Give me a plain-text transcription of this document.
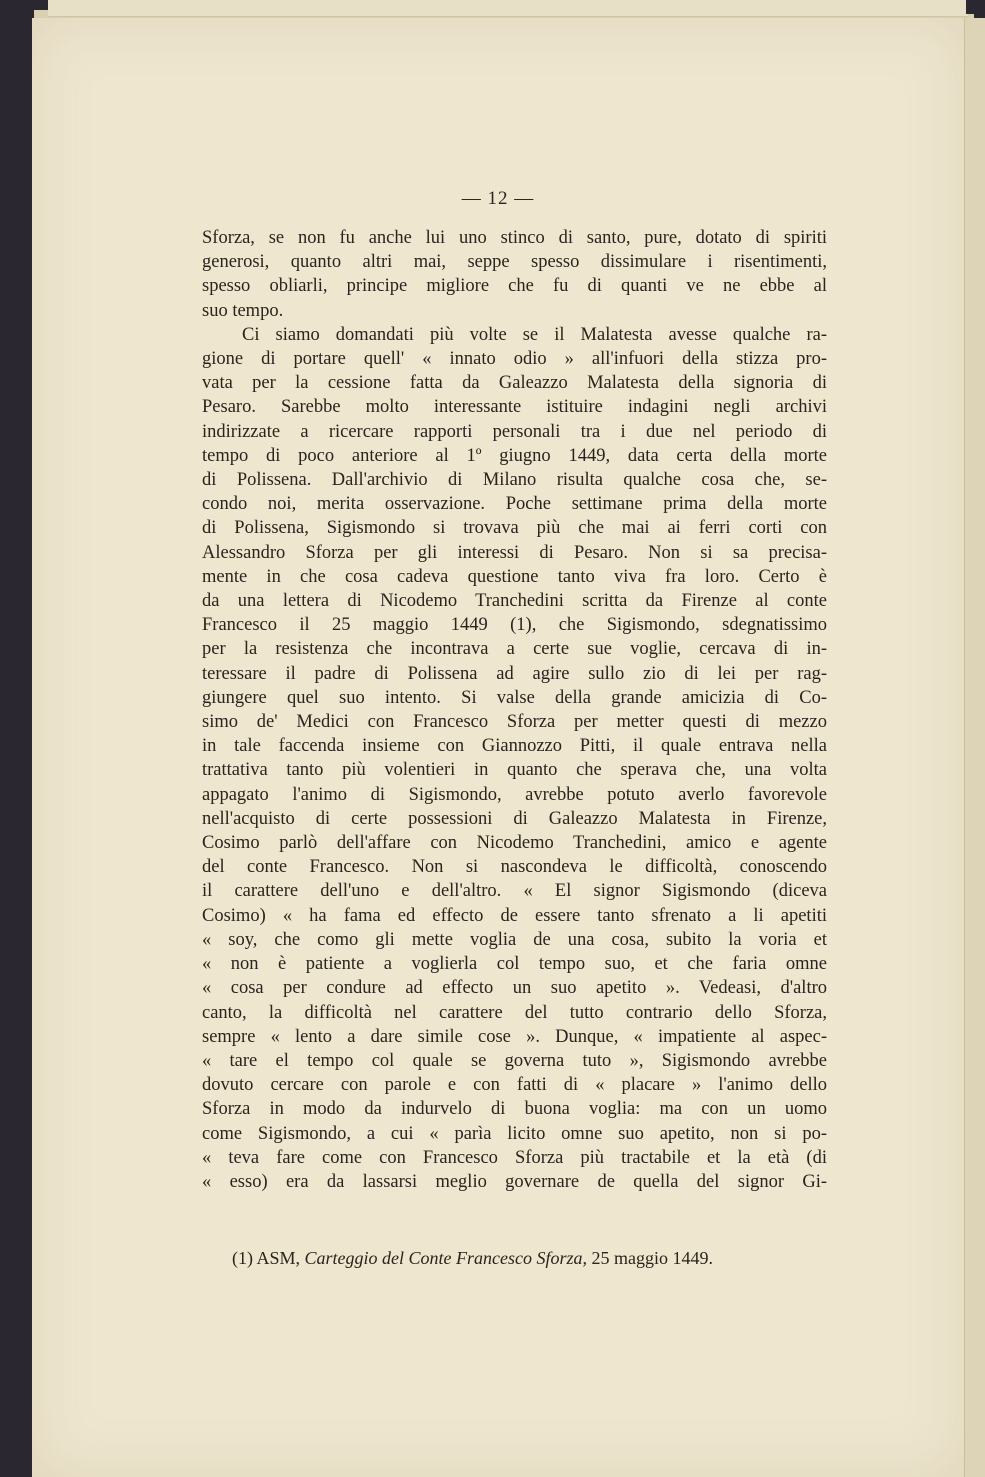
— 12 —
Sforza, se non fu anche lui uno stinco di santo, pure, dotato di spiriti
generosi, quanto altri mai, seppe spesso dissimulare i risentimenti,
spesso obliarli, principe migliore che fu di quanti ve ne ebbe al
suo tempo.
Ci siamo domandati più volte se il Malatesta avesse qualche ra-
gione di portare quell' « innato odio » all'infuori della stizza pro-
vata per la cessione fatta da Galeazzo Malatesta della signoria di
Pesaro. Sarebbe molto interessante istituire indagini negli archivi
indirizzate a ricercare rapporti personali tra i due nel periodo di
tempo di poco anteriore al 1º giugno 1449, data certa della morte
di Polissena. Dall'archivio di Milano risulta qualche cosa che, se-
condo noi, merita osservazione. Poche settimane prima della morte
di Polissena, Sigismondo si trovava più che mai ai ferri corti con
Alessandro Sforza per gli interessi di Pesaro. Non si sa precisa-
mente in che cosa cadeva questione tanto viva fra loro. Certo è
da una lettera di Nicodemo Tranchedini scritta da Firenze al conte
Francesco il 25 maggio 1449 (1), che Sigismondo, sdegnatissimo
per la resistenza che incontrava a certe sue voglie, cercava di in-
teressare il padre di Polissena ad agire sullo zio di lei per rag-
giungere quel suo intento. Si valse della grande amicizia di Co-
simo de' Medici con Francesco Sforza per metter questi di mezzo
in tale faccenda insieme con Giannozzo Pitti, il quale entrava nella
trattativa tanto più volentieri in quanto che sperava che, una volta
appagato l'animo di Sigismondo, avrebbe potuto averlo favorevole
nell'acquisto di certe possessioni di Galeazzo Malatesta in Firenze,
Cosimo parlò dell'affare con Nicodemo Tranchedini, amico e agente
del conte Francesco. Non si nascondeva le difficoltà, conoscendo
il carattere dell'uno e dell'altro. « El signor Sigismondo (diceva
Cosimo) « ha fama ed effecto de essere tanto sfrenato a li apetiti
« soy, che como gli mette voglia de una cosa, subito la voria et
« non è patiente a voglierla col tempo suo, et che faria omne
« cosa per condure ad effecto un suo apetito ». Vedeasi, d'altro
canto, la difficoltà nel carattere del tutto contrario dello Sforza,
sempre « lento a dare simile cose ». Dunque, « impatiente al aspec-
« tare el tempo col quale se governa tuto », Sigismondo avrebbe
dovuto cercare con parole e con fatti di « placare » l'animo dello
Sforza in modo da indurvelo di buona voglia: ma con un uomo
come Sigismondo, a cui « parìa licito omne suo apetito, non si po-
« teva fare come con Francesco Sforza più tractabile et la età (di
« esso) era da lassarsi meglio governare de quella del signor Gi-
(1) ASM, Carteggio del Conte Francesco Sforza, 25 maggio 1449.
